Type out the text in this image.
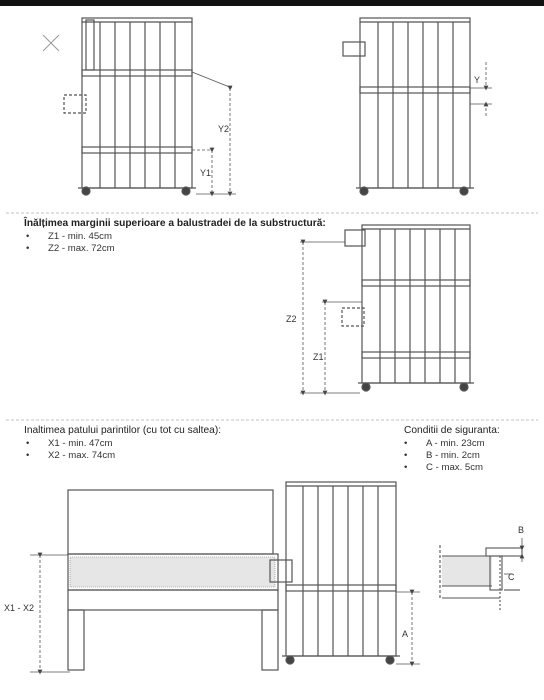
Y2
Y1
Y
Z2
Z1
X1 - X2
A
B
C
Înălțimea marginii superioare a balustradei de la substructură:
• Z1 - min. 45cm
• Z2 - max. 72cm
Inaltimea patului parintilor (cu tot cu saltea):
• X1 - min. 47cm
• X2 - max. 74cm
Conditii de siguranta:
• A - min. 23cm
• B - min. 2cm
• C - max. 5cm
